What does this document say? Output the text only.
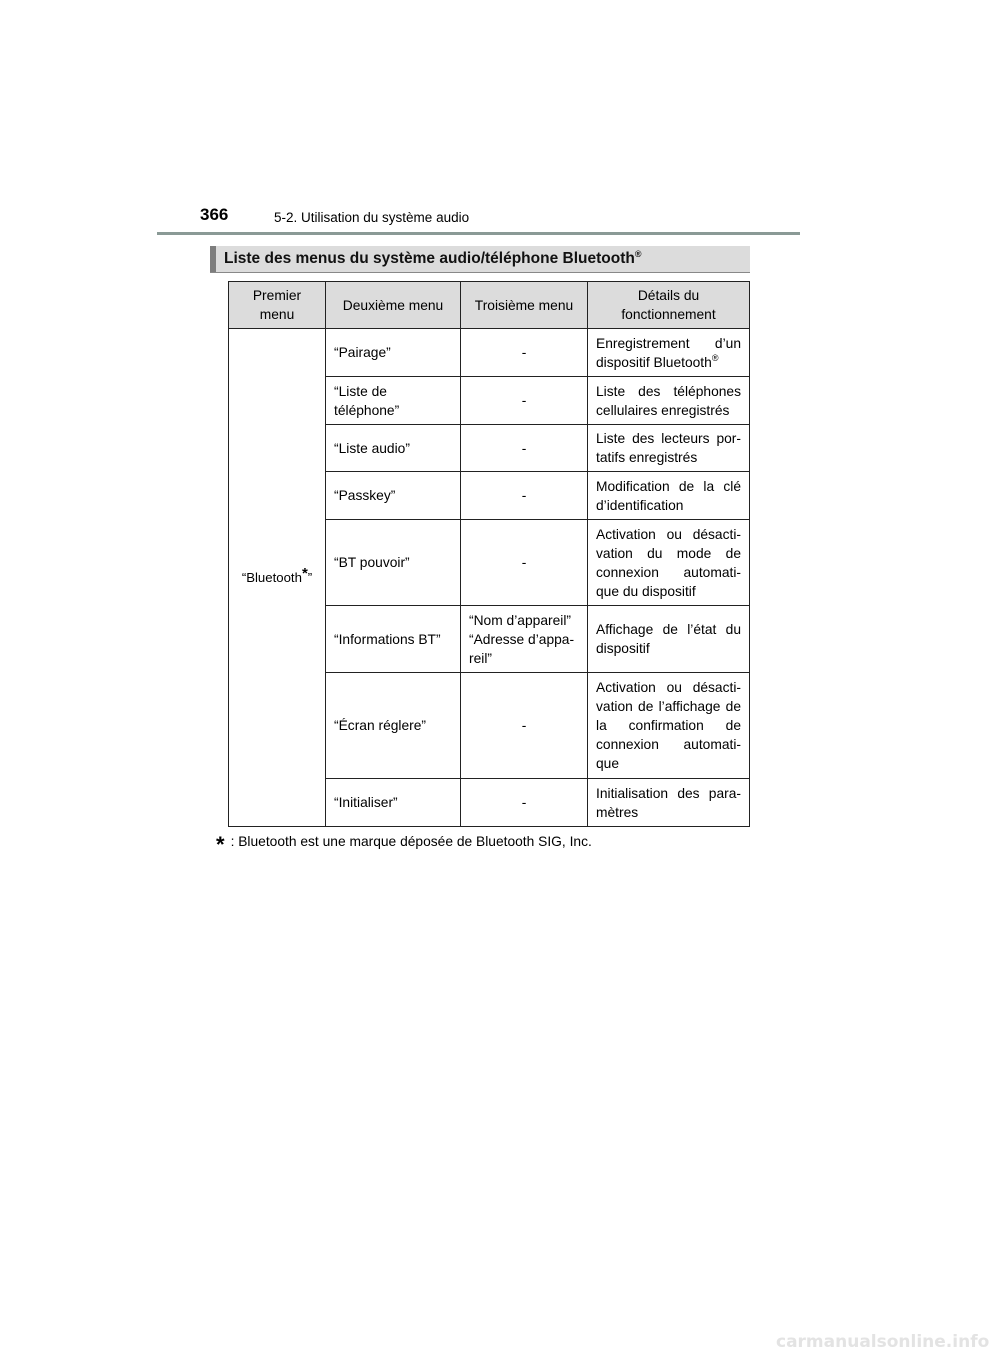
366	5-2. Utilisation du système audio
Liste des menus du système audio/téléphone Bluetooth®
Premier menu	Deuxième menu	Troisième menu	Détails du fonctionnement
“Bluetooth*”	“Pairage”	-	Enregistrement d’un dispositif Bluetooth®
	“Liste de téléphone”	-	Liste des téléphones cellulaires enregistrés
	“Liste audio”	-	Liste des lecteurs por-tatifs enregistrés
	“Passkey”	-	Modification de la clé d’identification
	“BT pouvoir”	-	Activation ou désacti-vation du mode de connexion automati-que du dispositif
	“Informations BT”	“Nom d’appareil” “Adresse d’appa-reil”	Affichage de l’état du dispositif
	“Écran réglere”	-	Activation ou désacti-vation de l’affichage de la confirmation de connexion automati-que
	“Initialiser”	-	Initialisation des para-mètres
* : Bluetooth est une marque déposée de Bluetooth SIG, Inc.
carmanualsonline.info
